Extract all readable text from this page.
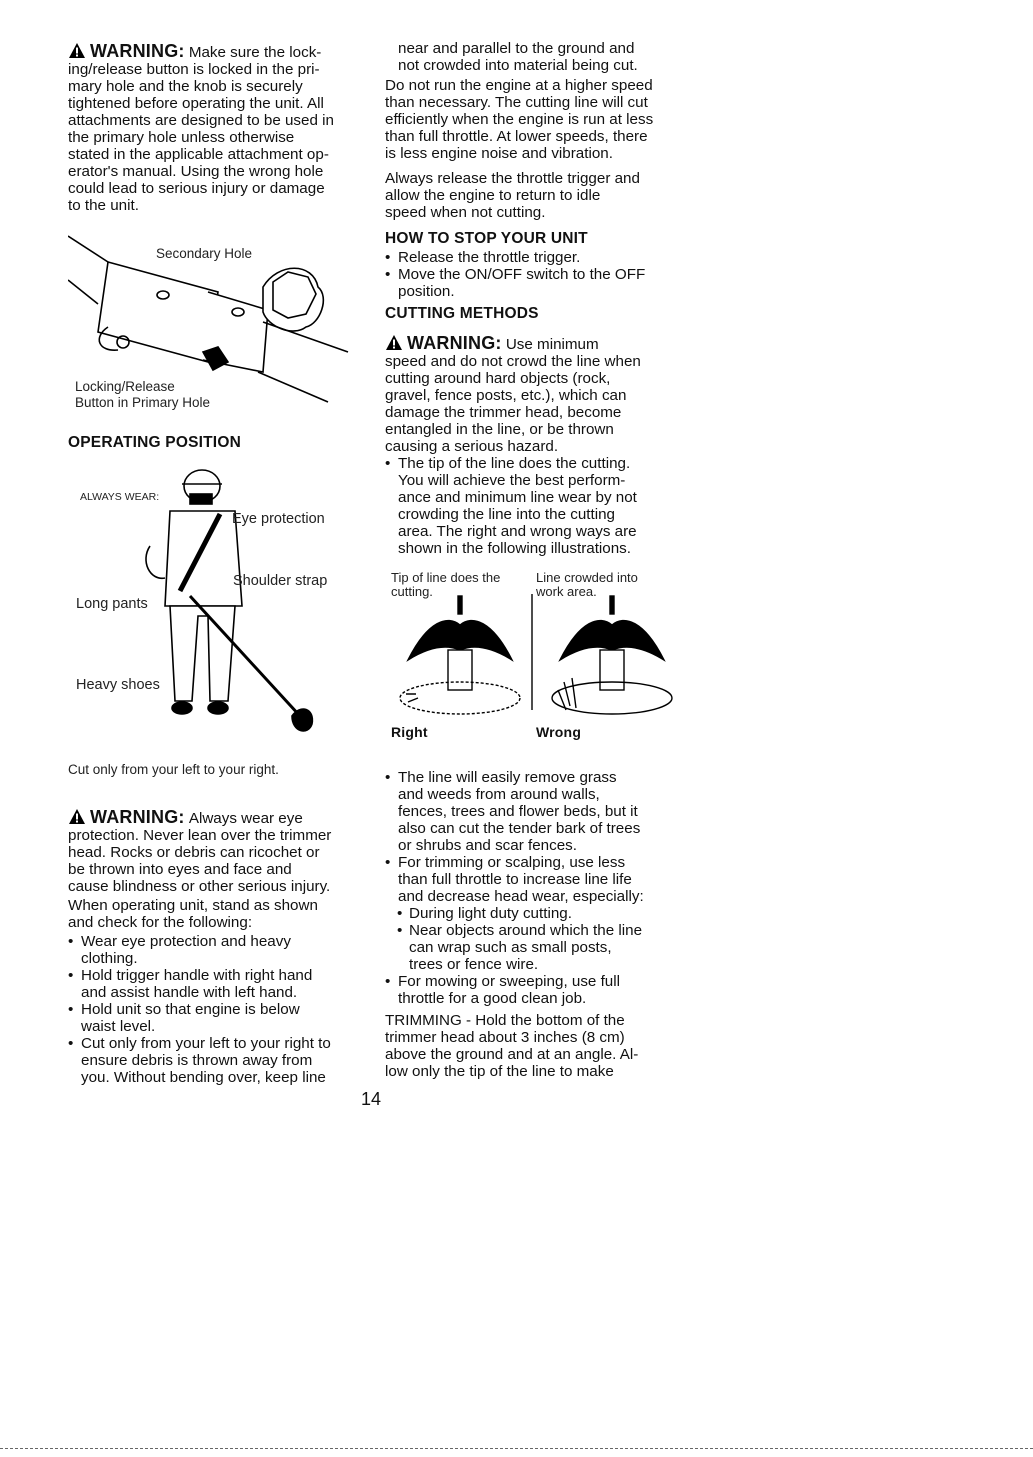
WARNING: Make sure the lock-
ing/release button is locked in the pri-
mary hole and the knob is securely
tightened before operating the unit. All
attachments are designed to be used in
the primary hole unless otherwise
stated in the applicable attachment op-
erator's manual. Using the wrong hole
could lead to serious injury or damage
to the unit.
Secondary Hole
Locking/Release
Button in Primary Hole
OPERATING POSITION
ALWAYS WEAR:
Eye protection
Shoulder strap
Long pants
Heavy shoes
Cut only from your left to your right.
WARNING: Always wear eye
protection. Never lean over the trimmer
head. Rocks or debris can ricochet or
be thrown into eyes and face and
cause blindness or other serious injury.
When operating unit, stand as shown
and check for the following:
• Wear eye protection and heavy
clothing.
• Hold trigger handle with right hand
and assist handle with left hand.
• Hold unit so that engine is below
waist level.
• Cut only from your left to your right to
ensure debris is thrown away from
you. Without bending over, keep line
near and parallel to the ground and
not crowded into material being cut.
Do not run the engine at a higher speed
than necessary. The cutting line will cut
efficiently when the engine is run at less
than full throttle. At lower speeds, there
is less engine noise and vibration.
Always release the throttle trigger and
allow the engine to return to idle
speed when not cutting.
HOW TO STOP YOUR UNIT
• Release the throttle trigger.
• Move the ON/OFF switch to the OFF
position.
CUTTING METHODS
WARNING: Use minimum
speed and do not crowd the line when
cutting around hard objects (rock,
gravel, fence posts, etc.), which can
damage the trimmer head, become
entangled in the line, or be thrown
causing a serious hazard.
• The tip of the line does the cutting.
You will achieve the best perform-
ance and minimum line wear by not
crowding the line into the cutting
area. The right and wrong ways are
shown in the following illustrations.
Tip of line does the
cutting.
Line crowded into
work area.
Right	Wrong
• The line will easily remove grass
and weeds from around walls,
fences, trees and flower beds, but it
also can cut the tender bark of trees
or shrubs and scar fences.
• For trimming or scalping, use less
than full throttle to increase line life
and decrease head wear, especially:
• During light duty cutting.
• Near objects around which the line
can wrap such as small posts,
trees or fence wire.
• For mowing or sweeping, use full
throttle for a good clean job.
TRIMMING - Hold the bottom of the
trimmer head about 3 inches (8 cm)
above the ground and at an angle. Al-
low only the tip of the line to make
14
